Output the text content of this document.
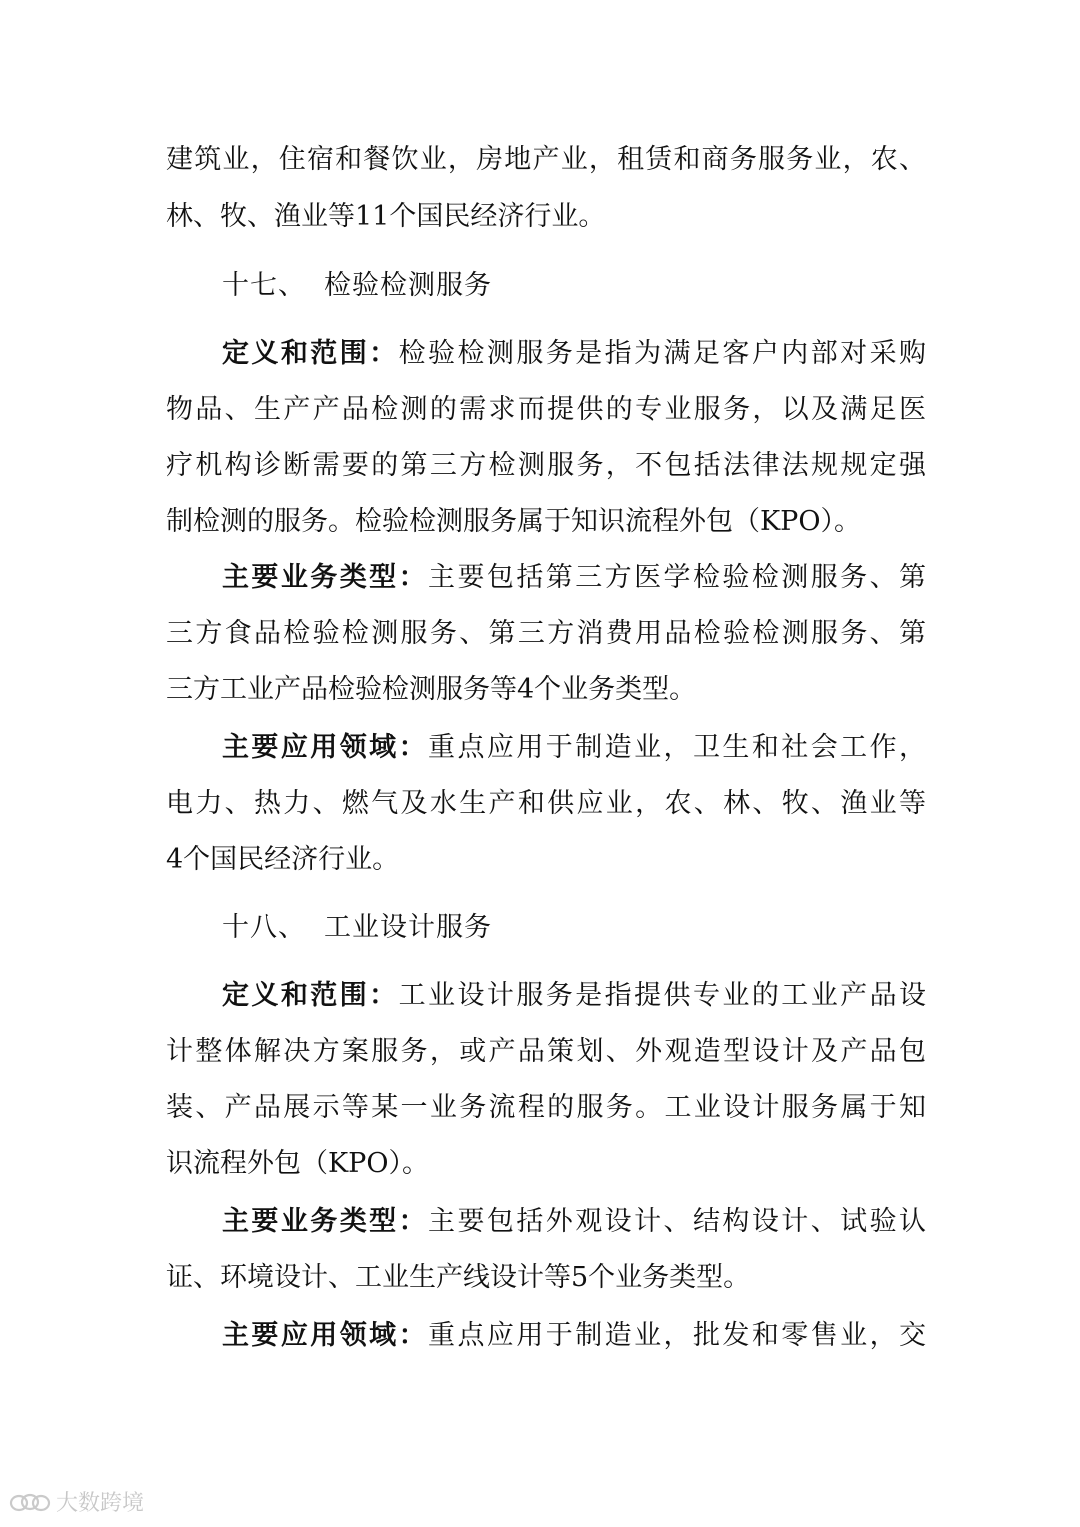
建筑业，住宿和餐饮业，房地产业，租赁和商务服务业，农、
林、牧、渔业等11个国民经济行业。
十七、 检验检测服务
定义和范围：检验检测服务是指为满足客户内部对采购
物品、生产产品检测的需求而提供的专业服务，以及满足医
疗机构诊断需要的第三方检测服务，不包括法律法规规定强
制检测的服务。检验检测服务属于知识流程外包（KPO）。
主要业务类型：主要包括第三方医学检验检测服务、第
三方食品检验检测服务、第三方消费用品检验检测服务、第
三方工业产品检验检测服务等4个业务类型。
主要应用领域：重点应用于制造业，卫生和社会工作，
电力、热力、燃气及水生产和供应业，农、林、牧、渔业等
4个国民经济行业。
十八、 工业设计服务
定义和范围：工业设计服务是指提供专业的工业产品设
计整体解决方案服务，或产品策划、外观造型设计及产品包
装、产品展示等某一业务流程的服务。工业设计服务属于知
识流程外包（KPO）。
主要业务类型：主要包括外观设计、结构设计、试验认
证、环境设计、工业生产线设计等5个业务类型。
主要应用领域：重点应用于制造业，批发和零售业，交
大数跨境
